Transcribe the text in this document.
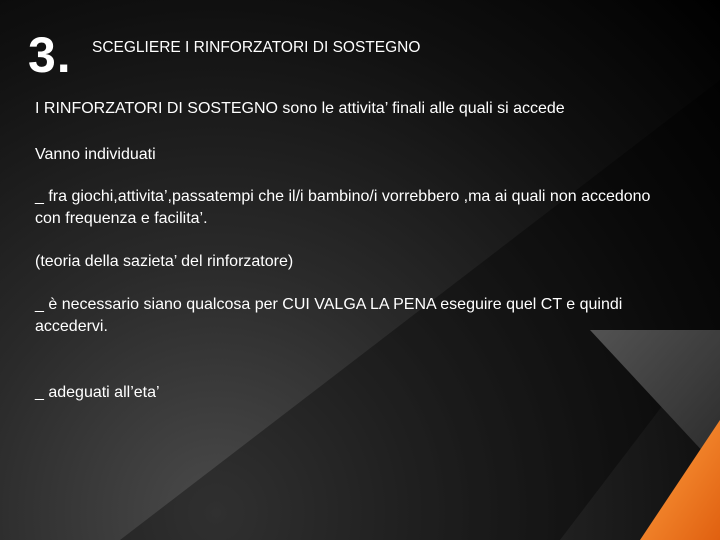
3. SCEGLIERE I RINFORZATORI DI SOSTEGNO

I RINFORZATORI DI SOSTEGNO sono le attivita’ finali alle quali si accede

Vanno individuati

_ fra giochi,attivita’,passatempi che il/i bambino/i vorrebbero ,ma ai quali non accedono con frequenza e facilita’.

(teoria della sazieta’ del rinforzatore)

_ è necessario siano qualcosa per CUI VALGA LA PENA eseguire quel CT e quindi accedervi.

_ adeguati all’eta’
